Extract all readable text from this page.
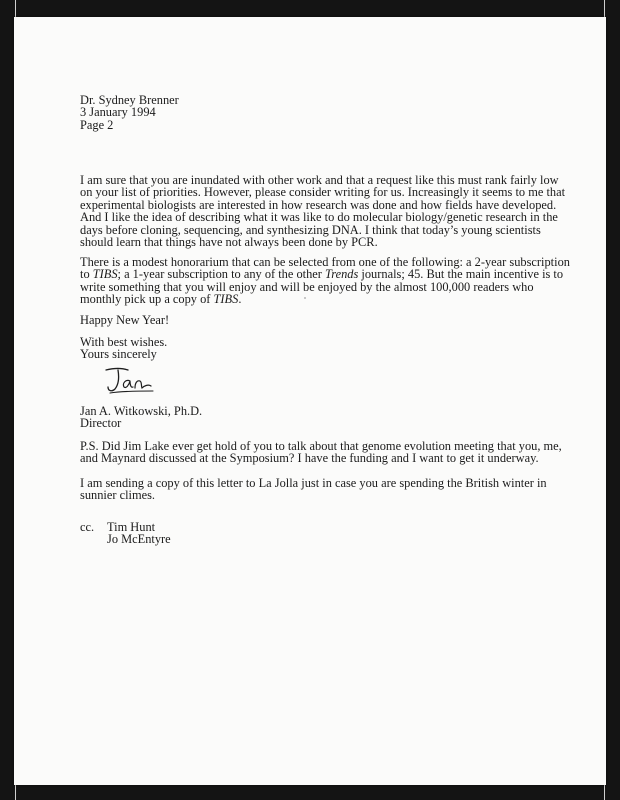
Dr. Sydney Brenner
3 January 1994
Page 2
I am sure that you are inundated with other work and that a request like this must rank fairly low
on your list of priorities. However, please consider writing for us. Increasingly it seems to me that
experimental biologists are interested in how research was done and how fields have developed.
And I like the idea of describing what it was like to do molecular biology/genetic research in the
days before cloning, sequencing, and synthesizing DNA. I think that today’s young scientists
should learn that things have not always been done by PCR.
There is a modest honorarium that can be selected from one of the following: a 2-year subscription
to TIBS; a 1-year subscription to any of the other Trends journals; 45. But the main incentive is to
write something that you will enjoy and will be enjoyed by the almost 100,000 readers who
monthly pick up a copy of TIBS.
Happy New Year!
With best wishes.
Yours sincerely
Jan A. Witkowski, Ph.D.
Director
P.S. Did Jim Lake ever get hold of you to talk about that genome evolution meeting that you, me,
and Maynard discussed at the Symposium? I have the funding and I want to get it underway.
I am sending a copy of this letter to La Jolla just in case you are spending the British winter in
sunnier climes.
cc. Tim Hunt
Jo McEntyre
